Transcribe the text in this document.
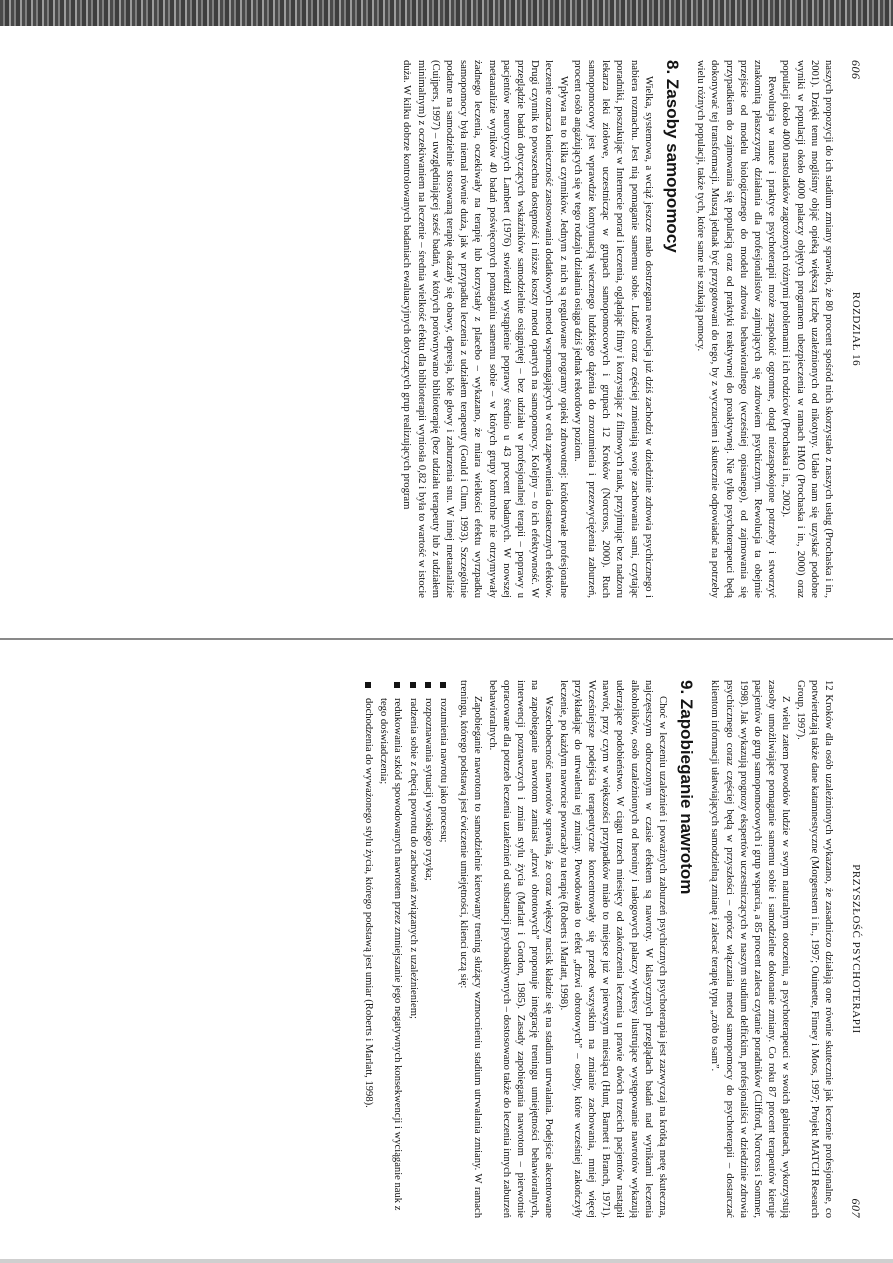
606
ROZDZIAŁ 16

naszych propozycji do ich stadium zmiany sprawiło, że 80 procent spośród nich skorzystało z naszych usług (Prochaska i in., 2001). Dzięki temu mogliśmy objąć opieką większą liczbę uzależnionych od nikotyny. Udało nam się uzyskać podobne wyniki w populacji około 4000 palaczy objętych programem ubezpieczenia w ramach HMO (Prochaska i in., 2000) oraz populacji około 4000 nastolatków zagrożonych różnymi problemami i ich rodziców (Prochaska i in., 2002).

Rewolucja w nauce i praktyce psychoterapii może zaspokoić ogromne, dotąd niezaspokojone potrzeby i stworzyć znakomitą płaszczyznę działania dla profesjonalistów zajmujących się zdrowiem psychicznym. Rewolucja ta obejmie przejście od modelu biologicznego do modelu zdrowia behawioralnego (wcześniej opisanego), od zajmowania się przypadkiem do zajmowania się populacją oraz od praktyki reaktywnej do proaktywnej. Nie tylko psychoterapeuci będą dokonywać tej transformacji. Muszą jednak być przygotowani do tego, by z wyczuciem i skutecznie odpowiadać na potrzeby wielu różnych populacji, także tych, które same nie szukają pomocy.

8. Zasoby samopomocy

Wielka, systemowa, a wciąż jeszcze mało dostrzegana rewolucja już dziś zachodzi w dziedzinie zdrowia psychicznego i nabiera rozmachu. Jest nią pomaganie samemu sobie. Ludzie coraz częściej zmieniają swoje zachowania sami, czytając poradniki, poszukując w Internecie porad i leczenia, oglądając filmy i korzystając z filmowych nauk, przyjmując bez nadzoru lekarza leki ziołowe, uczestnicząc w grupach samopomocowych i grupach 12 Kroków (Norcross, 2000). Ruch samopomocowy jest wprawdzie kontynuacją wiecznego ludzkiego dążenia do zrozumienia i przezwyciężenia zaburzeń, procent osób angażujących się w tego rodzaju działania osiąga dziś jednak rekordowy poziom.

Wpływa na to kilka czynników. Jednym z nich są regulowane programy opieki zdrowotnej: krótkotrwałe profesjonalne leczenie oznacza konieczność zastosowania dodatkowych metod wspomagających w celu zapewnienia dostatecznych efektów. Drugi czynnik to powszechna dostępność i niższe koszty metod opartych na samopomocy. Kolejny – to ich efektywność. W przeglądzie badań dotyczących wskaźników samodzielnie osiągniętej – bez udziału w profesjonalnej terapii – poprawy u pacjentów neurotycznych Lambert (1976) stwierdził wystąpienie poprawy średnio u 43 procent badanych. W nowszej metaanalizie wyników 40 badań poświęconych pomaganiu samemu sobie – w których grupy kontrolne nie otrzymywały żadnego leczenia, oczekiwały na terapię lub korzystały z placebo – wykazano, że miara wielkości efektu wyrzpadku samopomocy była niemal równie duża, jak w przypadku leczenia z udziałem terapeuty (Gould i Clum, 1993). Szczególnie podatne na samodzielnie stosowaną terapię okazały się obawy, depresja, bóle głowy i zaburzenia snu. W innej metaanalizie (Cuijpers, 1997) – uwzględniającej sześć badań, w których porównywano biblioterapię (bez udziału terapeuty lub z udziałem minimalnym) z oczekiwaniem na leczenie – średnia wielkość efektu dla biblioterapii wyniosła 0,82 i była to wartość w istocie duża. W kilku dobrze kontrolowanych badaniach ewaluacyjnych dotyczących grup realizujących program

PRZYSZŁOŚĆ PSYCHOTERAPII
607

12 Kroków dla osób uzależnionych wykazano, że zasadniczo działają one równie skutecznie jak leczenie profesjonalne, co potwierdzają także dane katamnestyczne (Morgenstern i in., 1997; Ouimette, Finney i Moos, 1997; Projekt MATCH Research Group, 1997).

Z wielu zatem powodów ludzie w swym naturalnym otoczeniu, a psychoterapeuci w swoich gabinetach, wykorzystują zasoby umożliwiające pomaganie samemu sobie i samodzielne dokonanie zmiany. Co roku 87 procent terapeutów kieruje pacjentów do grup samopomocowych i grup wsparcia, a 85 procent zaleca czytanie poradników (Clifford, Norcross i Sommer, 1998). Jak wykazują prognozy ekspertów uczestniczących w naszym studium delfickim, profesjonaliści w dziedzinie zdrowia psychicznego coraz częściej będą w przyszłości – oprócz włączania metod samopomocy do psychoterapii – dostarczać klientom informacji ułatwiających samodzielną zmianę i zalecać terapię typu „zrób to sam”.

9. Zapobieganie nawrotom

Choć w leczeniu uzależnień i poważnych zaburzeń psychicznych psychoterapia jest zazwyczaj na krótką metę skuteczna, najczęstszym odroczonym w czasie efektem są nawroty. W klasycznych przeglądach badań nad wynikami leczenia alkoholików, osób uzależnionych od heroiny i nałogowych palaczy wykresy ilustrujące występowanie nawrotów wykazują uderzające podobieństwo. W ciągu trzech miesięcy od zakończenia leczenia u prawie dwóch trzecich pacjentów nastąpił nawrót, przy czym w większości przypadków miało to miejsce już w pierwszym miesiącu (Hunt, Barnett i Branch, 1971). Wcześniejsze podejścia terapeutyczne koncentrowały się przede wszystkim na zmianie zachowania, mniej więcej przykładając do utrwalenia tej zmiany. Powodowało to efekt „drzwi obrotowych” – osoby, które wcześniej zakończyły leczenie, po każdym nawrocie powracały na terapię (Roberts i Marlatt, 1998).

Wszechobecność nawrotów sprawiła, że coraz większy nacisk kładzie się na stadium utrwalania. Podejście akcentowane na zapobieganie nawrotom zamiast „drzwi obrotowych” proponuje integrację treningu umiejętności behawioralnych, interwencji poznawczych i zmian stylu życia (Marlatt i Gordon, 1985). Zasady zapobiegania nawrotom – pierwotnie opracowane dla potrzeb leczenia uzależnień od substancji psychoaktywnych – dostosowano także do leczenia innych zaburzeń behawioralnych.

Zapobieganie nawrotom to samodzielnie kierowany trening służący wzmocnieniu stadium utrwalania zmiany. W ramach treningu, którego podstawą jest ćwiczenie umiejętności, klienci uczą się:

rozumienia nawrotu jako procesu;
rozpoznawania sytuacji wysokiego ryzyka;
radzenia sobie z chęcią powrotu do zachowań związanych z uzależnieniem;
redukowania szkód spowodowanych nawrotem przez zmniejszanie jego negatywnych konsekwencji i wyciąganie nauk z tego doświadczenia;
dochodzenia do wyważonego stylu życia, którego podstawą jest umiar (Roberts i Marlatt, 1998).
